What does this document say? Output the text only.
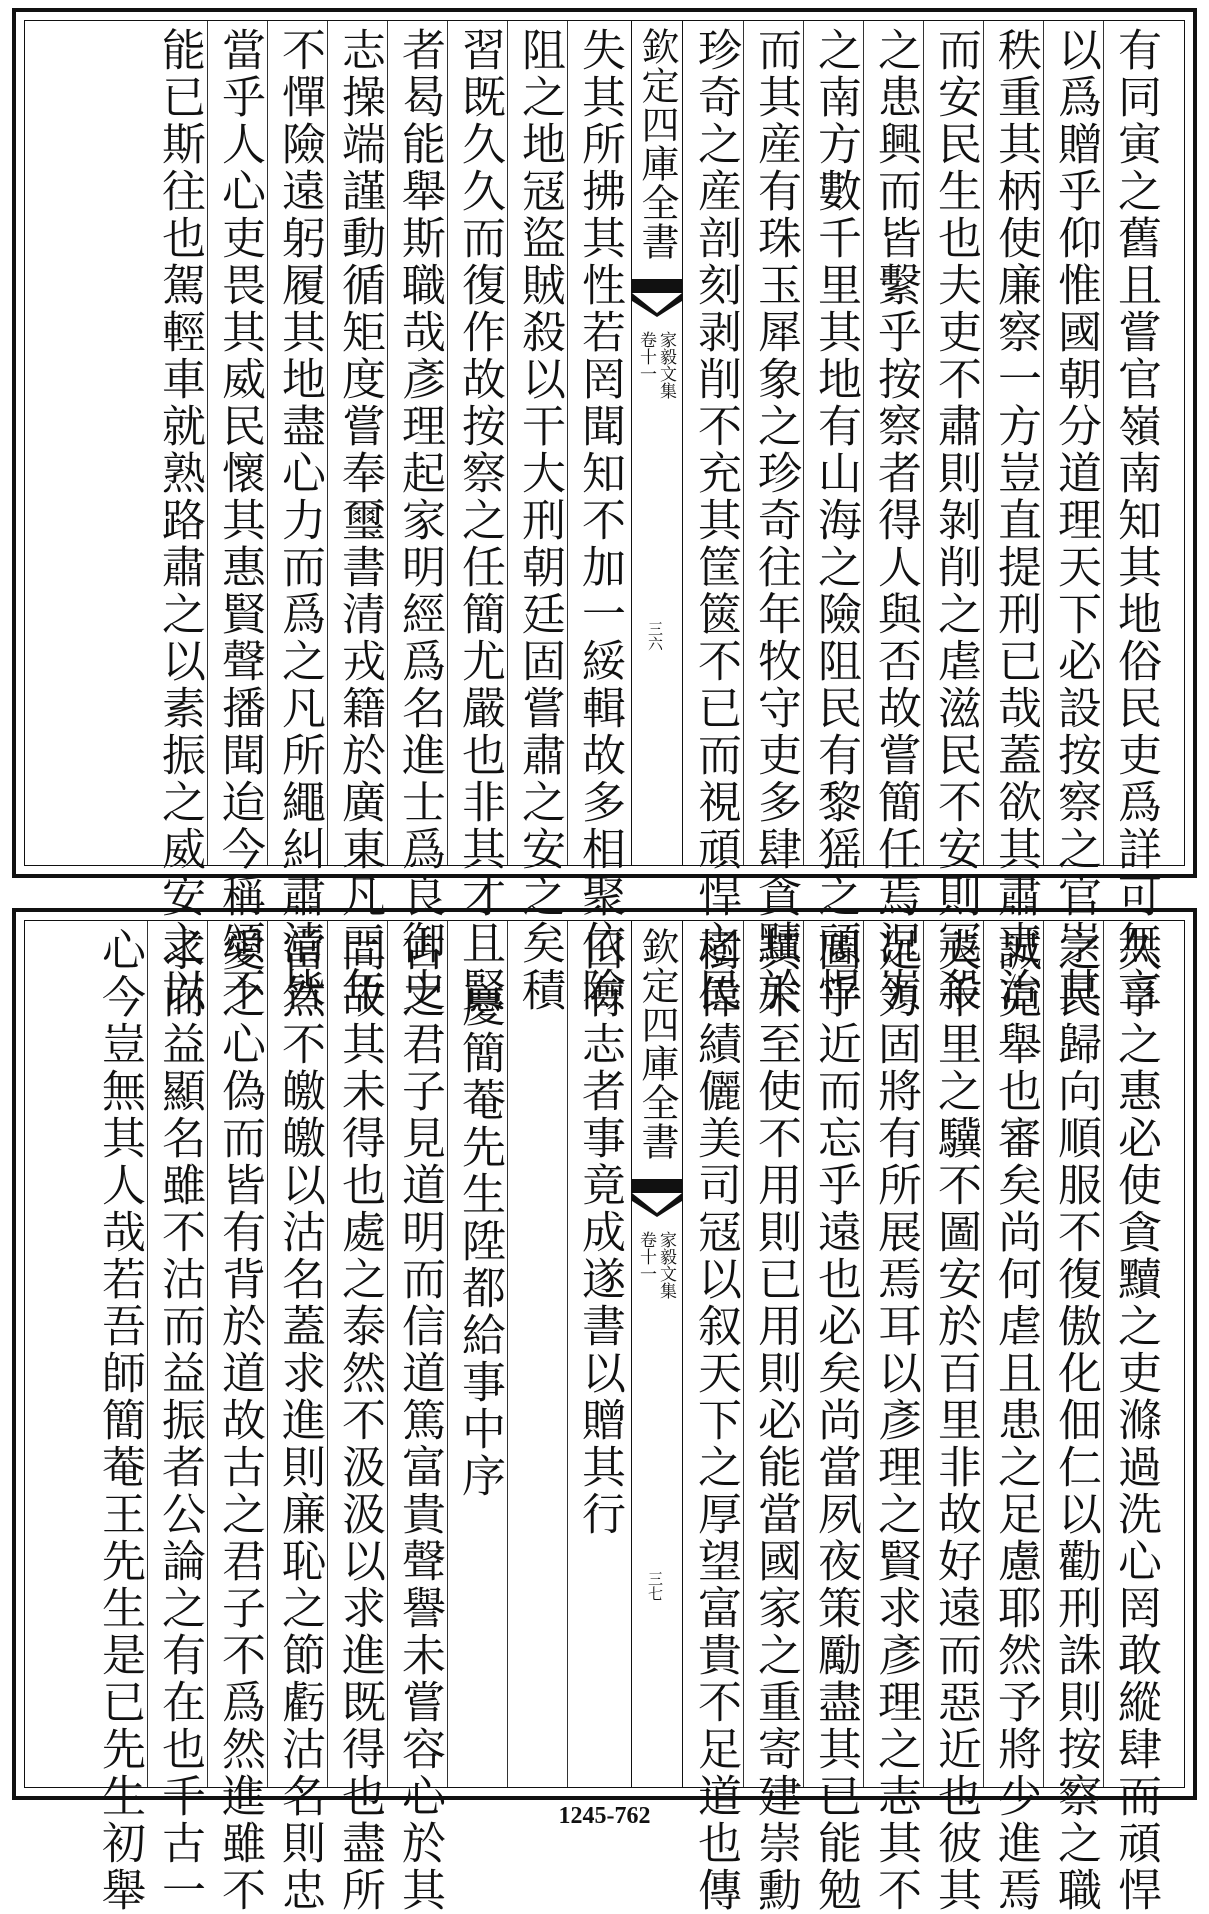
有同寅之舊且嘗官嶺南知其地俗民吏爲詳可無言
以爲贈乎仰惟國朝分道理天下必設按察之官崇其
秩重其柄使廉察一方豈直提刑已哉蓋欲其肅吏治
而安民生也夫吏不肅則剝削之虐滋民不安則冦殺
之患興而皆繫乎按察者得人與否故嘗簡任焉況嶺
之南方數千里其地有山海之險阻民有黎猺之頑悍
而其産有珠玉犀象之珍奇往年牧守吏多肆貪黷於
珍奇之産剖刻剥削不充其筐篋不已而視頑悍之民
欽定四庫全書
家毅文集
卷十一
三六
失其所拂其性若罔聞知不加一綏輯故多相聚依險
阻之地冦盜賊殺以干大刑朝廷固嘗肅之安之矣積
習既久久而復作故按察之任簡尤嚴也非其才且賢
者曷能舉斯職哉彥理起家明經爲名進士爲良御史
志操端謹動循矩度嘗奉璽書清戎籍於廣東凡三年
不憚險遠躬履其地盡心力而爲之凡所繩糾肅清皆
當乎人心吏畏其威民懷其惠賢聲播聞迨今稱頌不
能已斯往也駕輕車就熟路肅之以素振之威安之以
久孚之惠必使貪黷之吏滌過洗心罔敢縱肆而頑悍
之民歸向順服不復傲化佃仁以勸刑誅則按察之職
誠克舉也審矣尚何虐且患之足慮耶然予將少進焉
夫千里之驥不圖安於百里非故好遠而惡近也彼其
足力固將有所展焉耳以彥理之賢求彥理之志其不
圖乎近而忘乎遠也必矣尚當夙夜策勵盡其已能勉
其未至使不用則已用則必能當國家之重寄建崇勳
樹偉績儷美司冦以叙天下之厚望富貴不足道也傳
欽定四庫全書
家毅文集
卷十一
三七
曰有志者事竟成遂書以贈其行
慶簡菴先生陞都給事中序
古之君子見道明而信道篤富貴聲譽未嘗容心於其
間故其未得也處之泰然不汲汲以求進既得也盡所
當然不皦皦以沽名蓋求進則廉恥之節虧沽名則忠
愛之心偽而皆有背於道故古之君子不爲然進雖不
求而益顯名雖不沽而益振者公論之有在也千古一
心今豈無其人哉若吾師簡菴王先生是已先生初舉	1245-762
